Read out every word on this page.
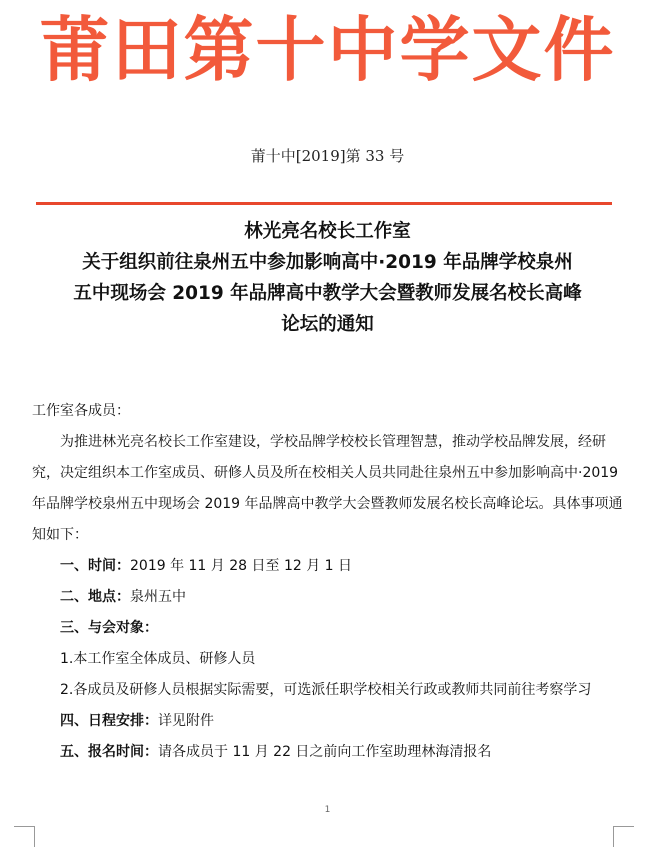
莆田第十中学文件
莆十中[2019]第 33 号
林光亮名校长工作室
关于组织前往泉州五中参加影响高中·2019 年品牌学校泉州
五中现场会 2019 年品牌高中教学大会暨教师发展名校长高峰
论坛的通知

工作室各成员：

为推进林光亮名校长工作室建设，学校品牌学校校长管理智慧，推动学校品牌发展，经研究，决定组织本工作室成员、研修人员及所在校相关人员共同赴往泉州五中参加影响高中·2019 年品牌学校泉州五中现场会 2019 年品牌高中教学大会暨教师发展名校长高峰论坛。具体事项通知如下：

一、时间：2019 年 11 月 28 日至 12 月 1 日

二、地点：泉州五中

三、与会对象：

1.本工作室全体成员、研修人员

2.各成员及研修人员根据实际需要，可选派任职学校相关行政或教师共同前往考察学习

四、日程安排：详见附件

五、报名时间：请各成员于 11 月 22 日之前向工作室助理林海清报名

1
